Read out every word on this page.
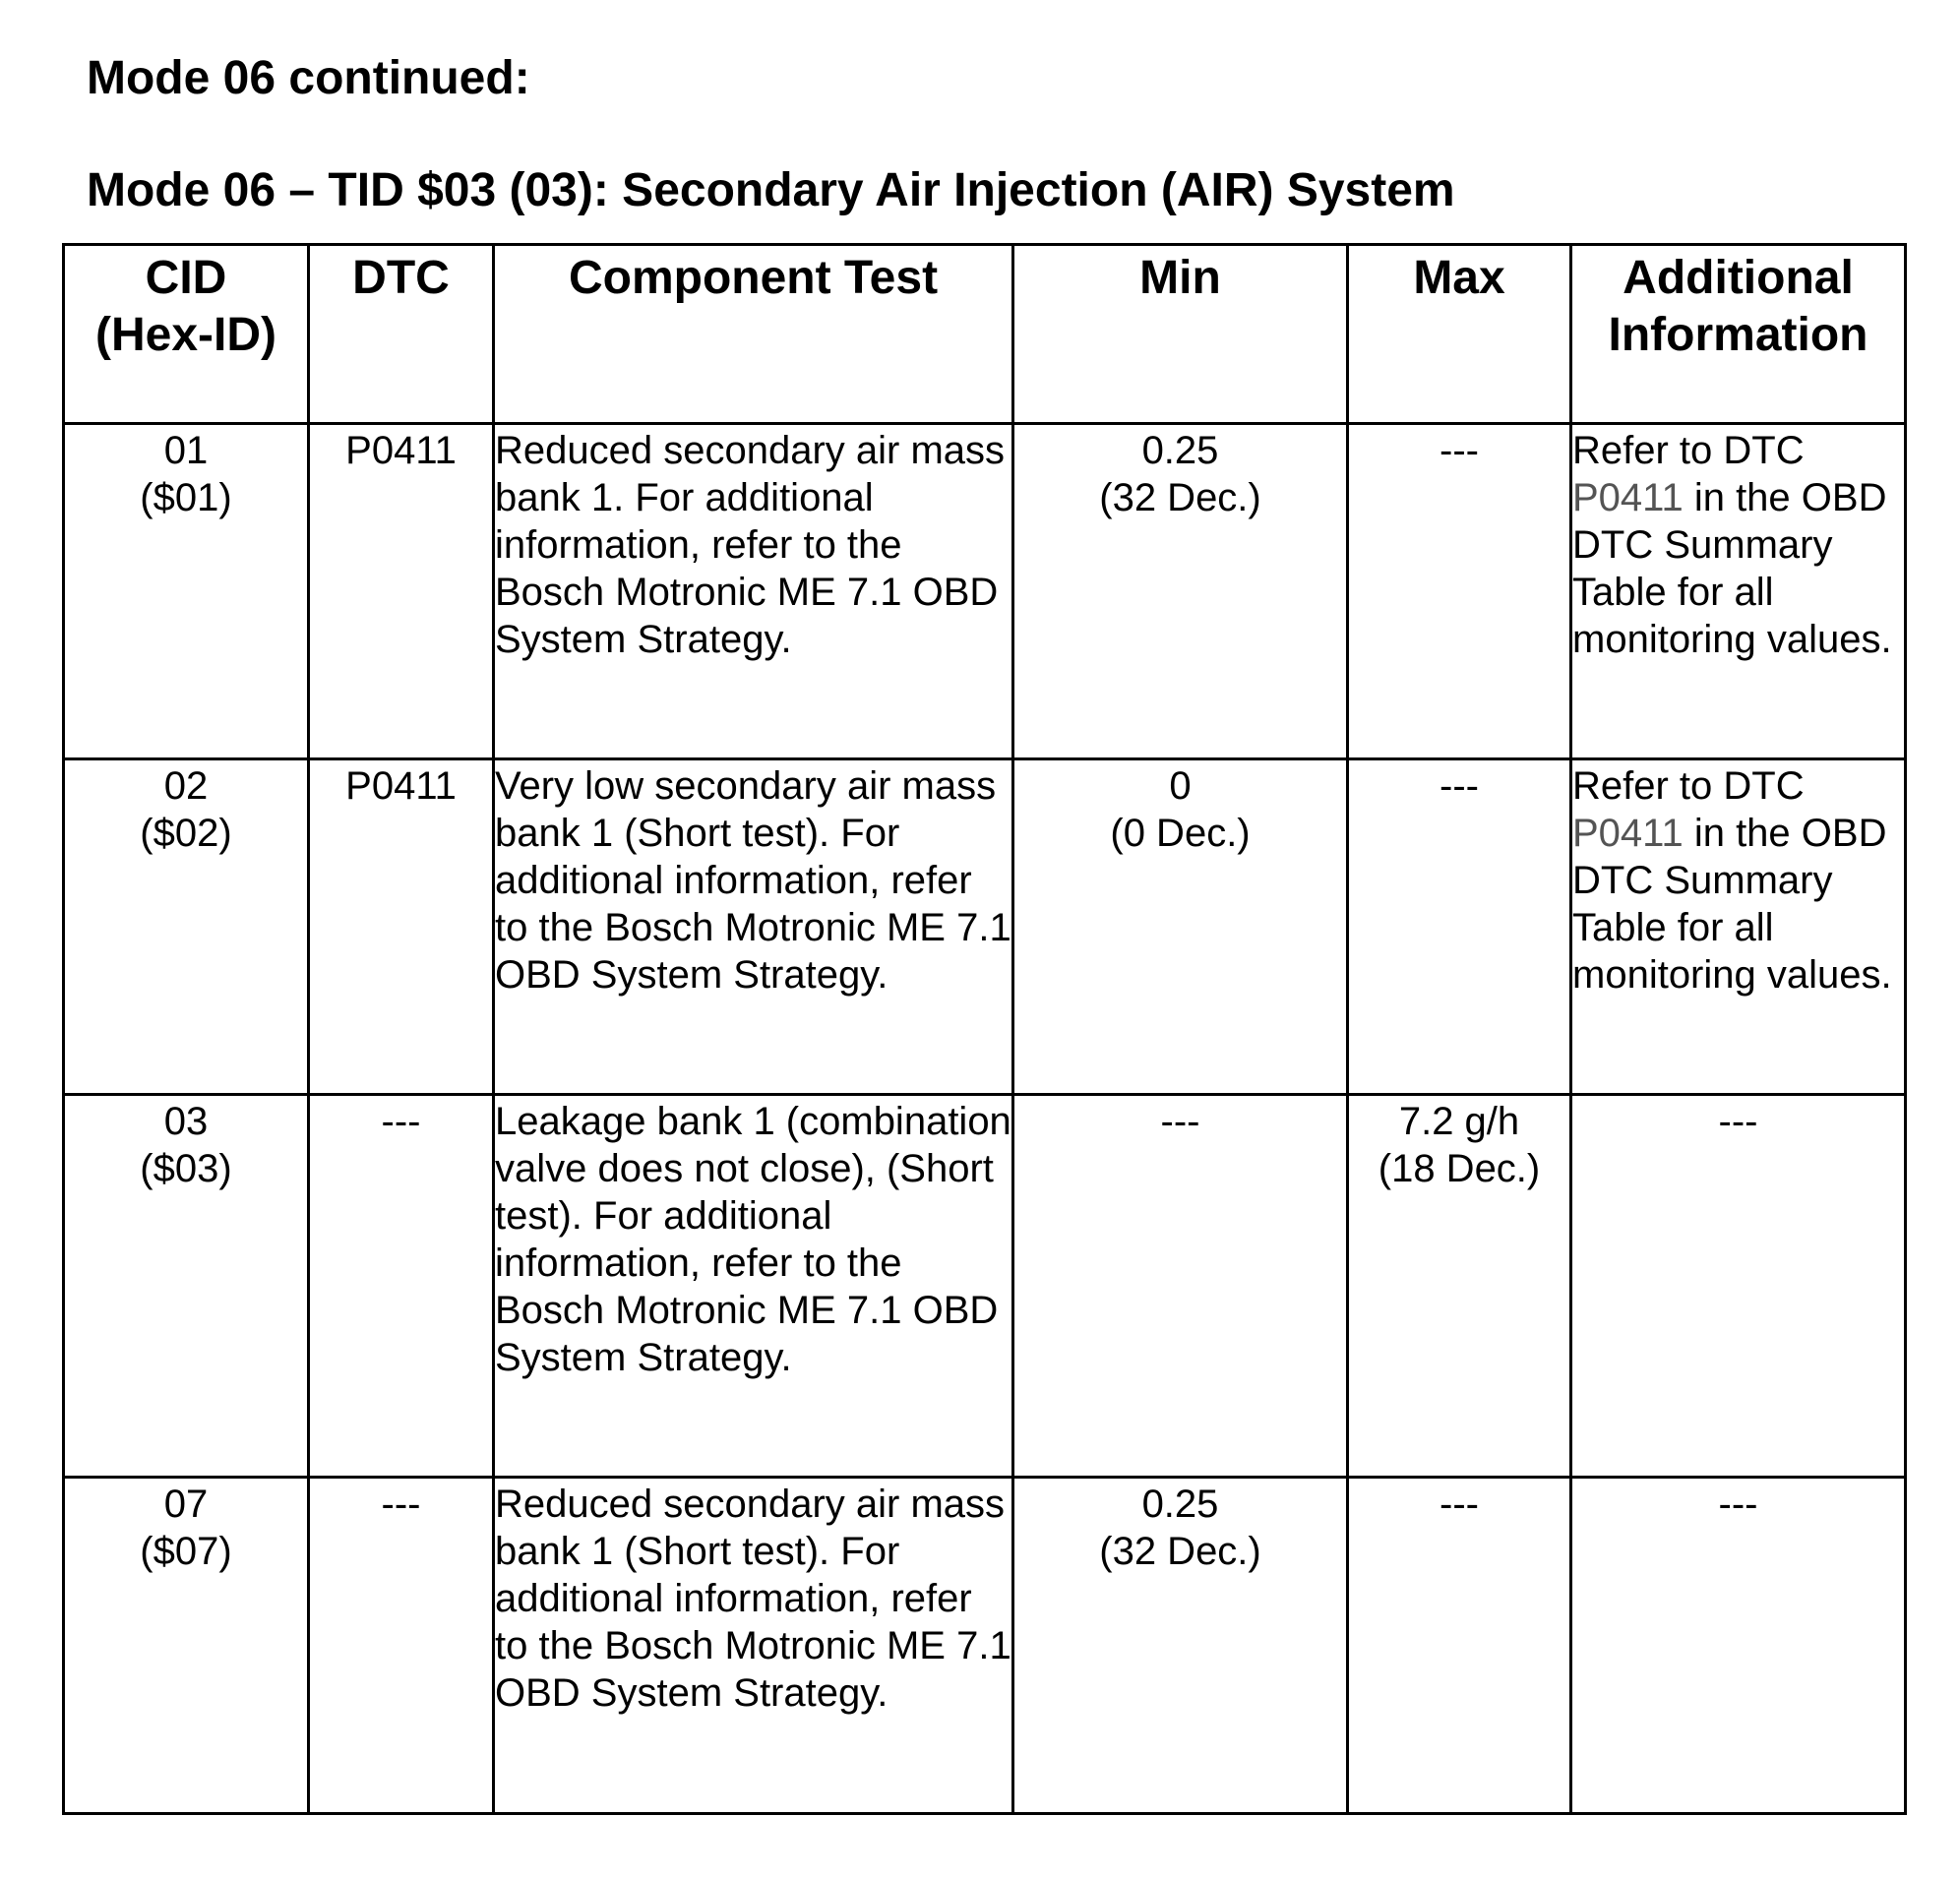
Mode 06 continued:
Mode 06 – TID $03 (03): Secondary Air Injection (AIR) System
CID
(Hex-ID)	DTC	Component Test	Min	Max	Additional
Information

01
($01)	P0411	Reduced secondary air mass bank 1. For additional information, refer to the Bosch Motronic ME 7.1 OBD System Strategy.	0.25
(32 Dec.)	---	Refer to DTC P0411 in the OBD DTC Summary Table for all monitoring values.

02
($02)	P0411	Very low secondary air mass bank 1 (Short test). For additional information, refer to the Bosch Motronic ME 7.1 OBD System Strategy.	0
(0 Dec.)	---	Refer to DTC P0411 in the OBD DTC Summary Table for all monitoring values.

03
($03)	---	Leakage bank 1 (combination valve does not close), (Short test). For additional information, refer to the Bosch Motronic ME 7.1 OBD System Strategy.	---	7.2 g/h
(18 Dec.)	---

07
($07)	---	Reduced secondary air mass bank 1 (Short test). For additional information, refer to the Bosch Motronic ME 7.1 OBD System Strategy.	0.25
(32 Dec.)	---	---
